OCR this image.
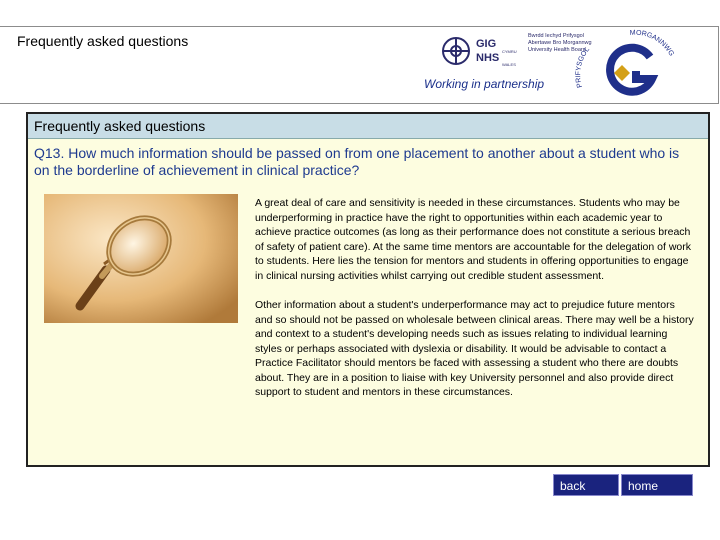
Frequently asked questions	GIG
NHS
CYMRU
WALES
Bwrdd Iechyd Prifysgol
Abertawe Bro Morgannwg
University Health Board
Working in partnership	PRIFYSGOL
MORGANNWG
Frequently asked questions
Q13. How much information should be passed on from one placement to another about a student who is on the borderline of achievement in clinical practice?

A great deal of care and sensitivity is needed in these circumstances. Students who may be underperforming in practice have the right to opportunities within each academic year to achieve practice outcomes (as long as their performance does not constitute a serious breach of safety of patient care). At the same time mentors are accountable for the delegation of work to students. Here lies the tension for mentors and students in offering opportunities to engage in clinical nursing activities whilst carrying out credible student assessment.

Other information about a student's underperformance may act to prejudice future mentors and so should not be passed on wholesale between clinical areas. There may well be a history and context to a student's developing needs such as issues relating to individual learning styles or perhaps associated with dyslexia or disability. It would be advisable to contact a Practice Facilitator should mentors be faced with assessing a student who there are doubts about. They are in a position to liaise with key University personnel and also provide direct support to student and mentors in these circumstances.

back	home
